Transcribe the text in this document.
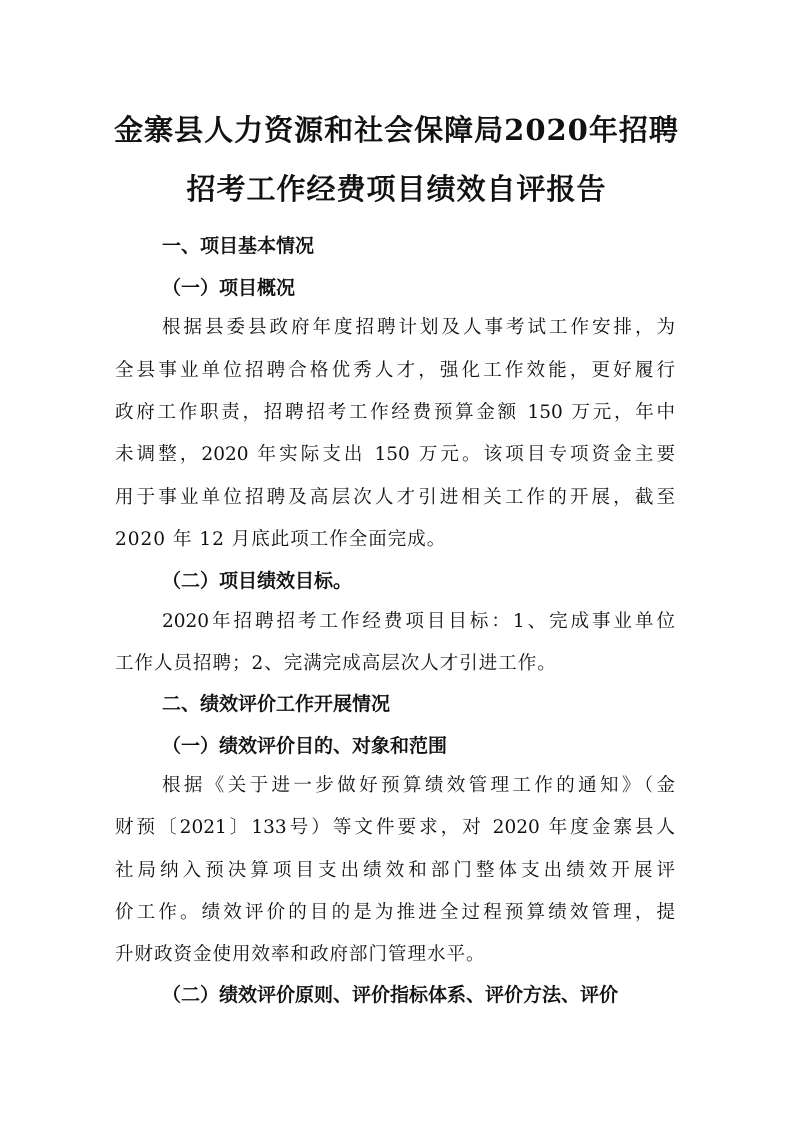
金寨县人力资源和社会保障局2020年招聘
招考工作经费项目绩效自评报告
一、项目基本情况
（一）项目概况
根据县委县政府年度招聘计划及人事考试工作安排，为
全县事业单位招聘合格优秀人才，强化工作效能，更好履行
政府工作职责，招聘招考工作经费预算金额 150 万元，年中
未调整，2020 年实际支出 150 万元。该项目专项资金主要
用于事业单位招聘及高层次人才引进相关工作的开展，截至
2020 年 12 月底此项工作全面完成。
（二）项目绩效目标。
2020年招聘招考工作经费项目目标：1、完成事业单位
工作人员招聘；2、完满完成高层次人才引进工作。
二、绩效评价工作开展情况
（一）绩效评价目的、对象和范围
根据《关于进一步做好预算绩效管理工作的通知》（金
财预〔2021〕133号）等文件要求，对 2020 年度金寨县人
社局纳入预决算项目支出绩效和部门整体支出绩效开展评
价工作。绩效评价的目的是为推进全过程预算绩效管理，提
升财政资金使用效率和政府部门管理水平。
（二）绩效评价原则、评价指标体系、评价方法、评价
